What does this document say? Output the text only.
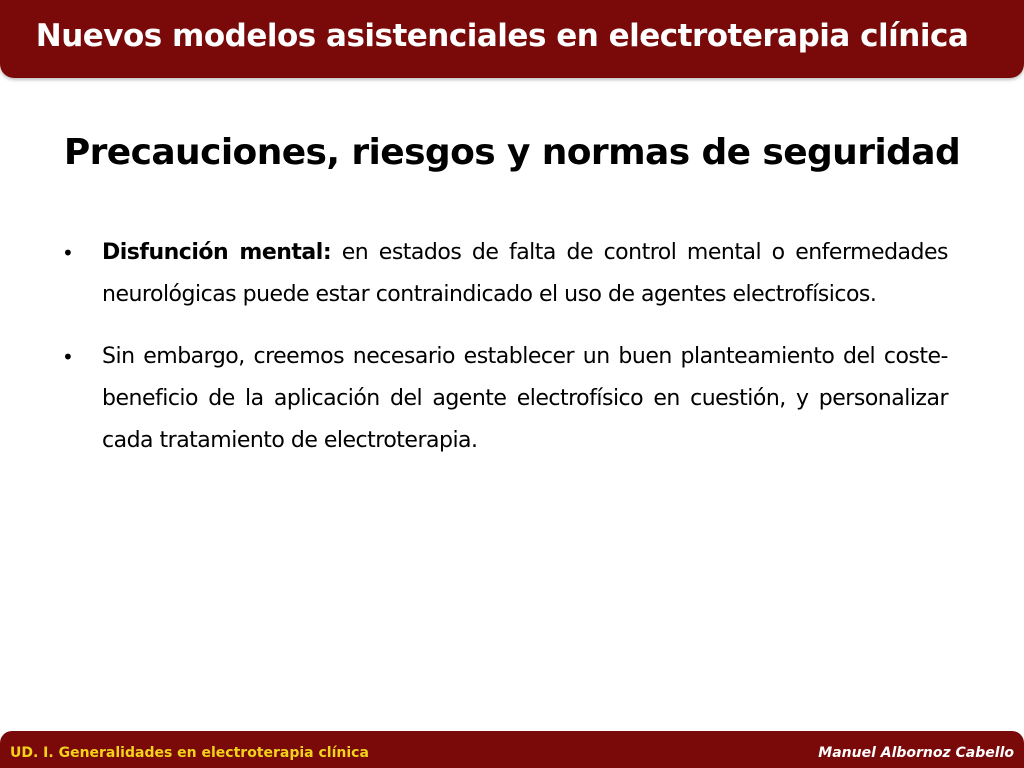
Nuevos modelos asistenciales en electroterapia clínica
Precauciones, riesgos y normas de seguridad
• Disfunción mental: en estados de falta de control mental o enfermedades neurológicas puede estar contraindicado el uso de agentes electrofísicos.
• Sin embargo, creemos necesario establecer un buen planteamiento del coste-beneficio de la aplicación del agente electrofísico en cuestión, y personalizar cada tratamiento de electroterapia.
UD. I. Generalidades en electroterapia clínica	Manuel Albornoz Cabello
